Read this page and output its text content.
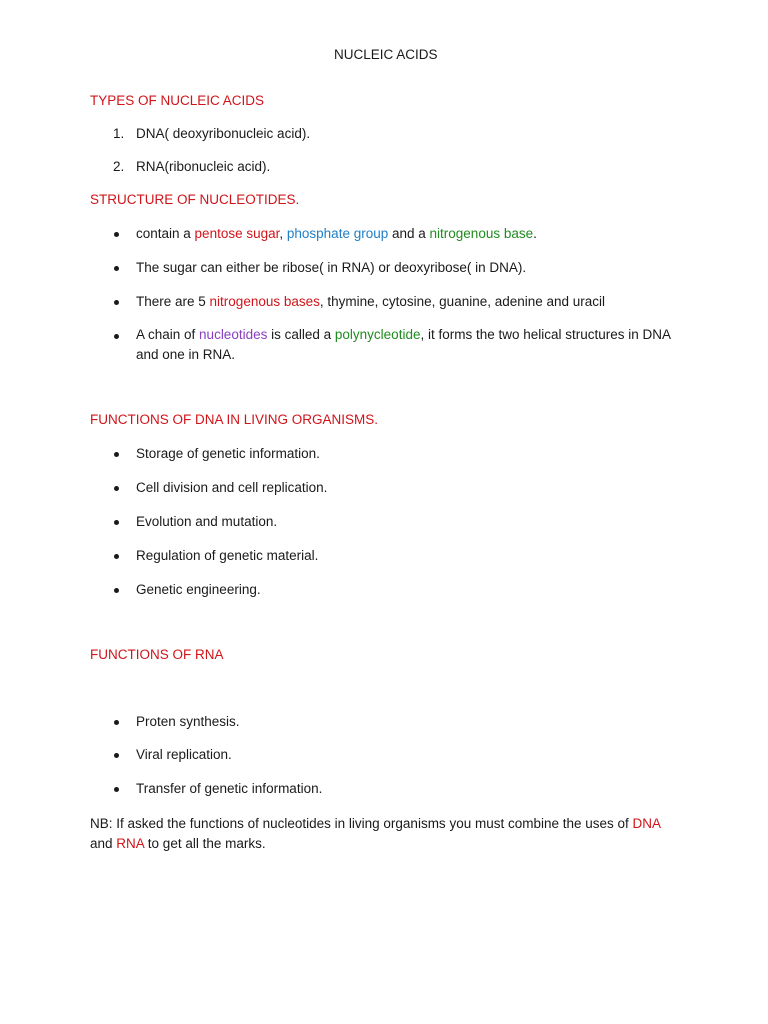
NUCLEIC ACIDS
TYPES OF NUCLEIC ACIDS
1. DNA( deoxyribonucleic acid).
2. RNA(ribonucleic acid).
STRUCTURE OF NUCLEOTIDES.
contain a pentose sugar, phosphate group and a nitrogenous base.
The sugar can either be ribose( in RNA) or deoxyribose( in DNA).
There are 5 nitrogenous bases, thymine, cytosine, guanine, adenine and uracil
A chain of nucleotides is called a polynycleotide, it forms the two helical structures in DNA and one in RNA.
FUNCTIONS OF DNA IN LIVING ORGANISMS.
Storage of genetic information.
Cell division and cell replication.
Evolution and mutation.
Regulation of genetic material.
Genetic engineering.
FUNCTIONS OF RNA
Proten synthesis.
Viral replication.
Transfer of genetic information.
NB: If asked the functions of nucleotides in living organisms you must combine the uses of DNA and RNA to get all the marks.
